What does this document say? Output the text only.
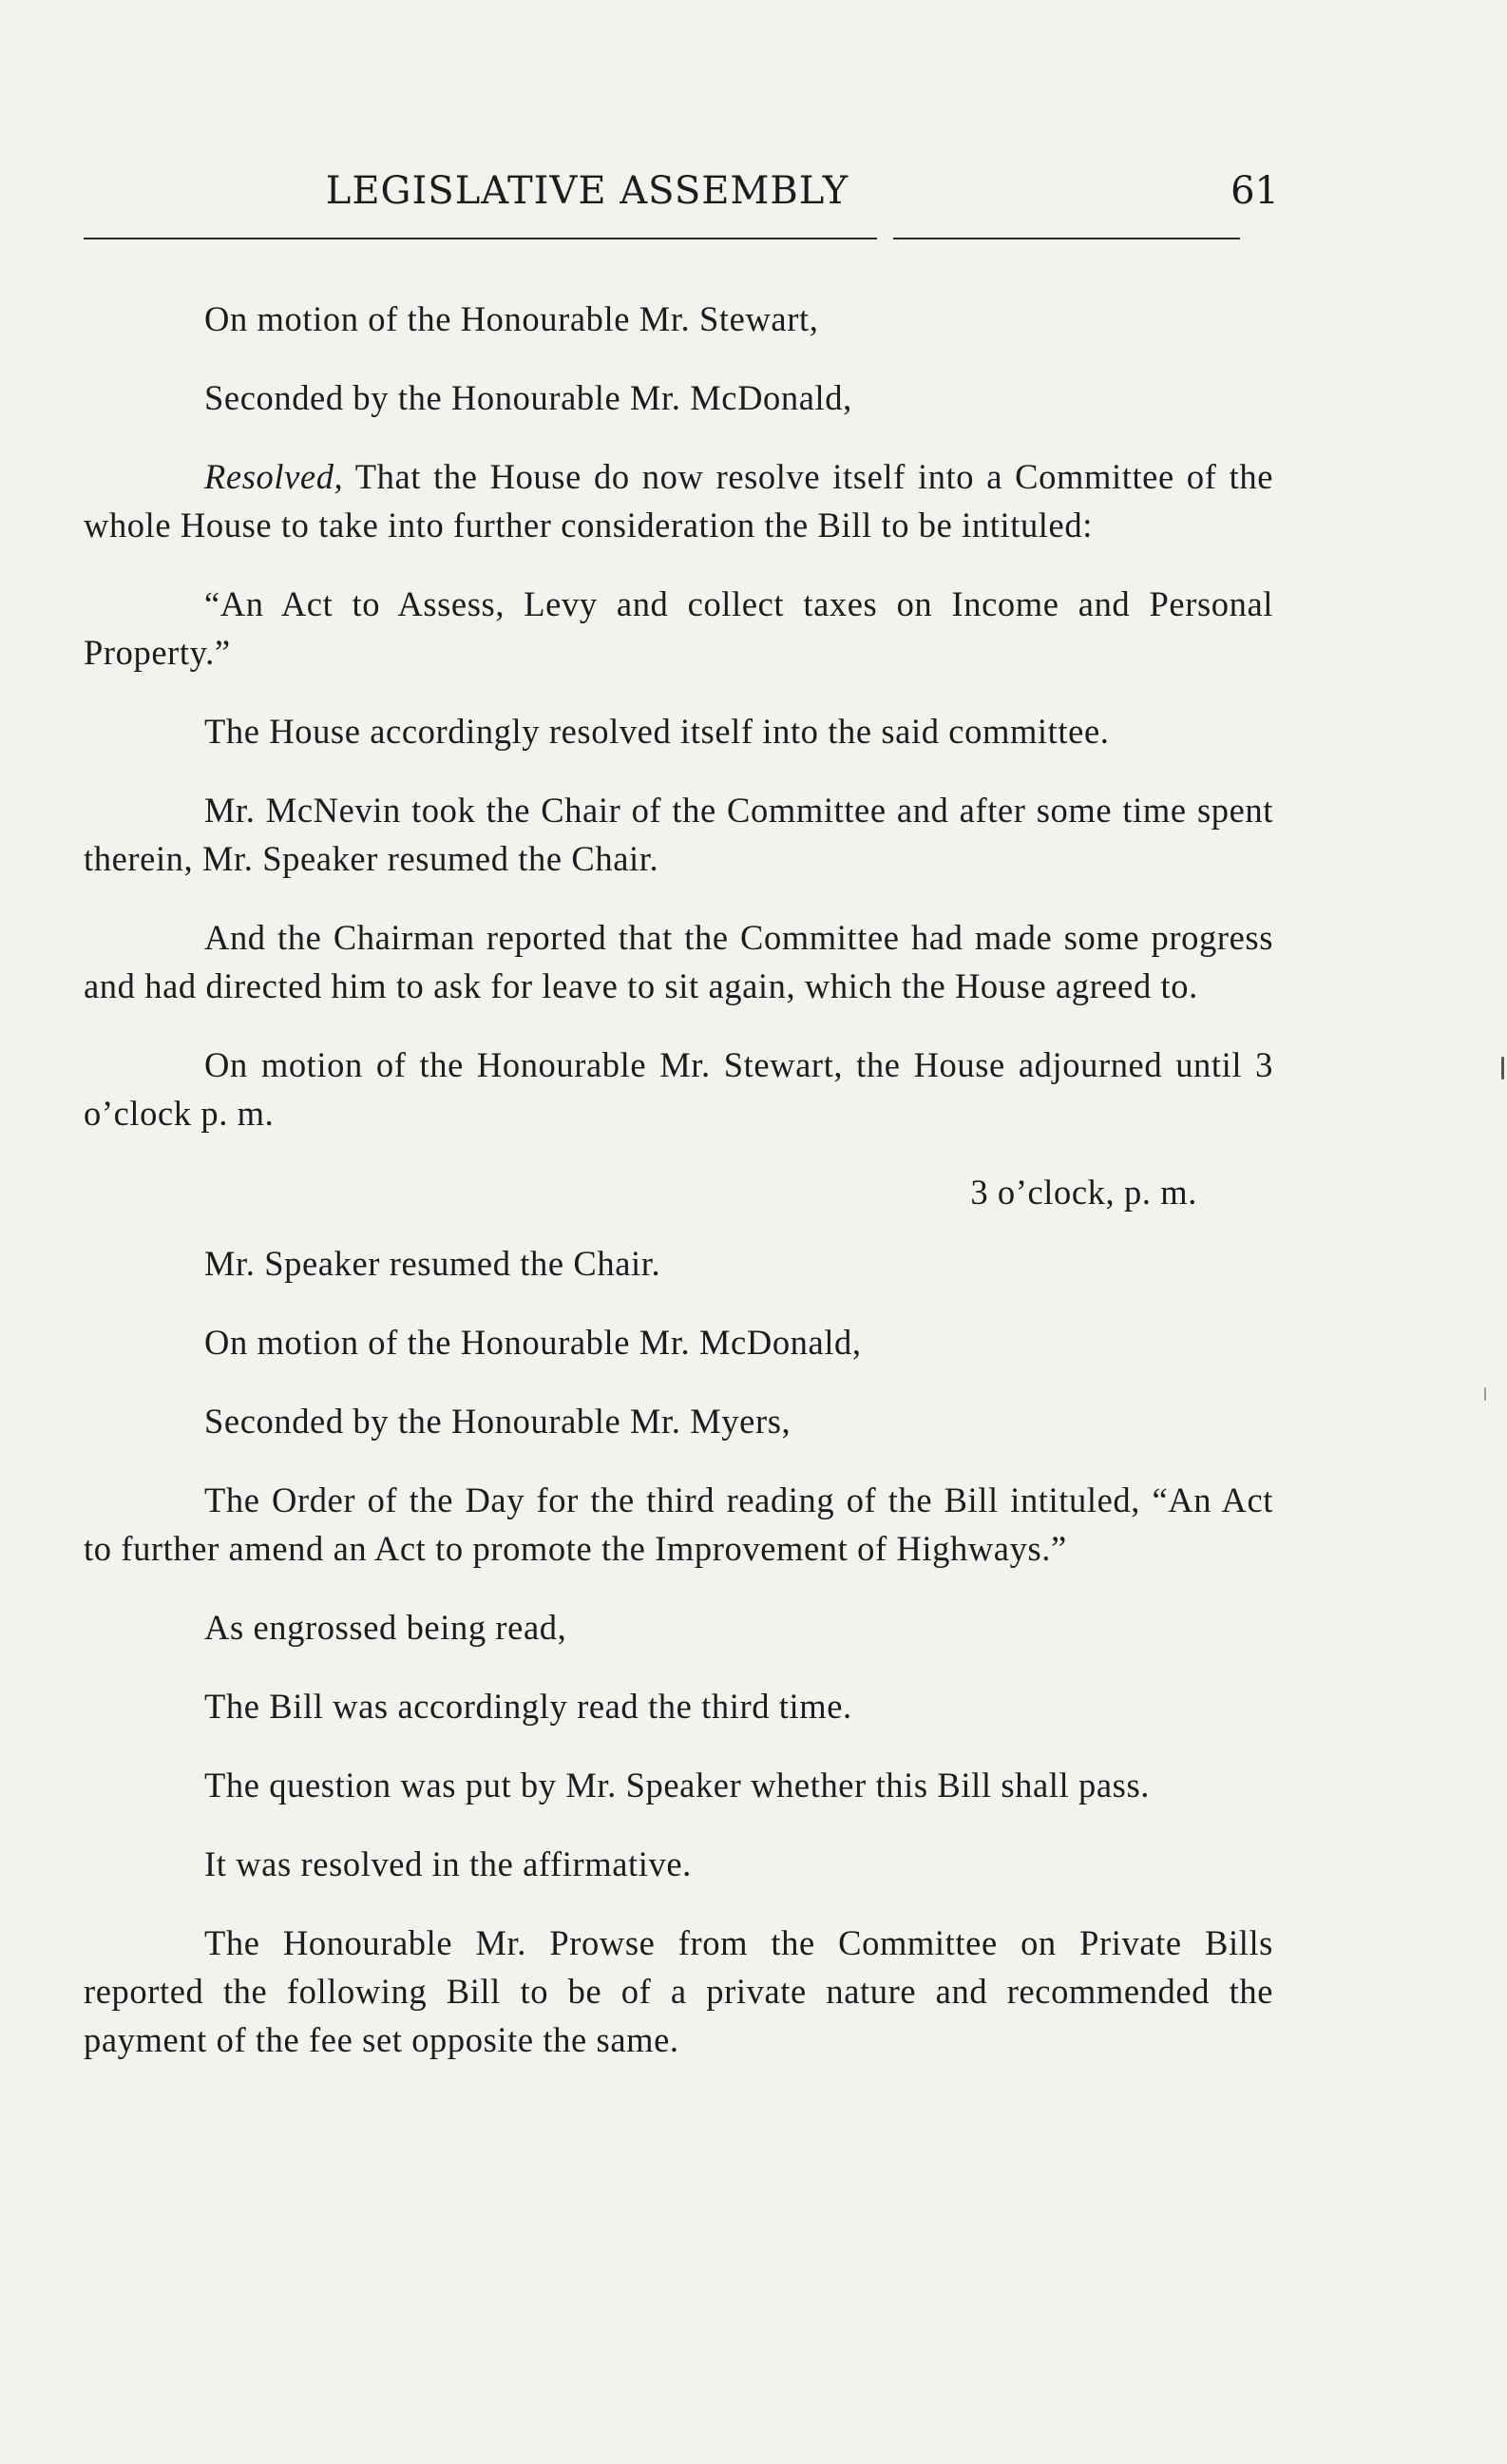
LEGISLATIVE ASSEMBLY	61

On motion of the Honourable Mr. Stewart,

Seconded by the Honourable Mr. McDonald,

Resolved, That the House do now resolve itself into a Committee of the whole House to take into further consideration the Bill to be intituled:

“An Act to Assess, Levy and collect taxes on Income and Personal Property.”

The House accordingly resolved itself into the said committee.

Mr. McNevin took the Chair of the Committee and after some time spent therein, Mr. Speaker resumed the Chair.

And the Chairman reported that the Committee had made some progress and had directed him to ask for leave to sit again, which the House agreed to.

On motion of the Honourable Mr. Stewart, the House adjourned until 3 o’clock p. m.

3 o’clock, p. m.

Mr. Speaker resumed the Chair.

On motion of the Honourable Mr. McDonald,

Seconded by the Honourable Mr. Myers,

The Order of the Day for the third reading of the Bill intituled, “An Act to further amend an Act to promote the Improvement of Highways.”

As engrossed being read,

The Bill was accordingly read the third time.

The question was put by Mr. Speaker whether this Bill shall pass.

It was resolved in the affirmative.

The Honourable Mr. Prowse from the Committee on Private Bills reported the following Bill to be of a private nature and recommended the payment of the fee set opposite the same.
